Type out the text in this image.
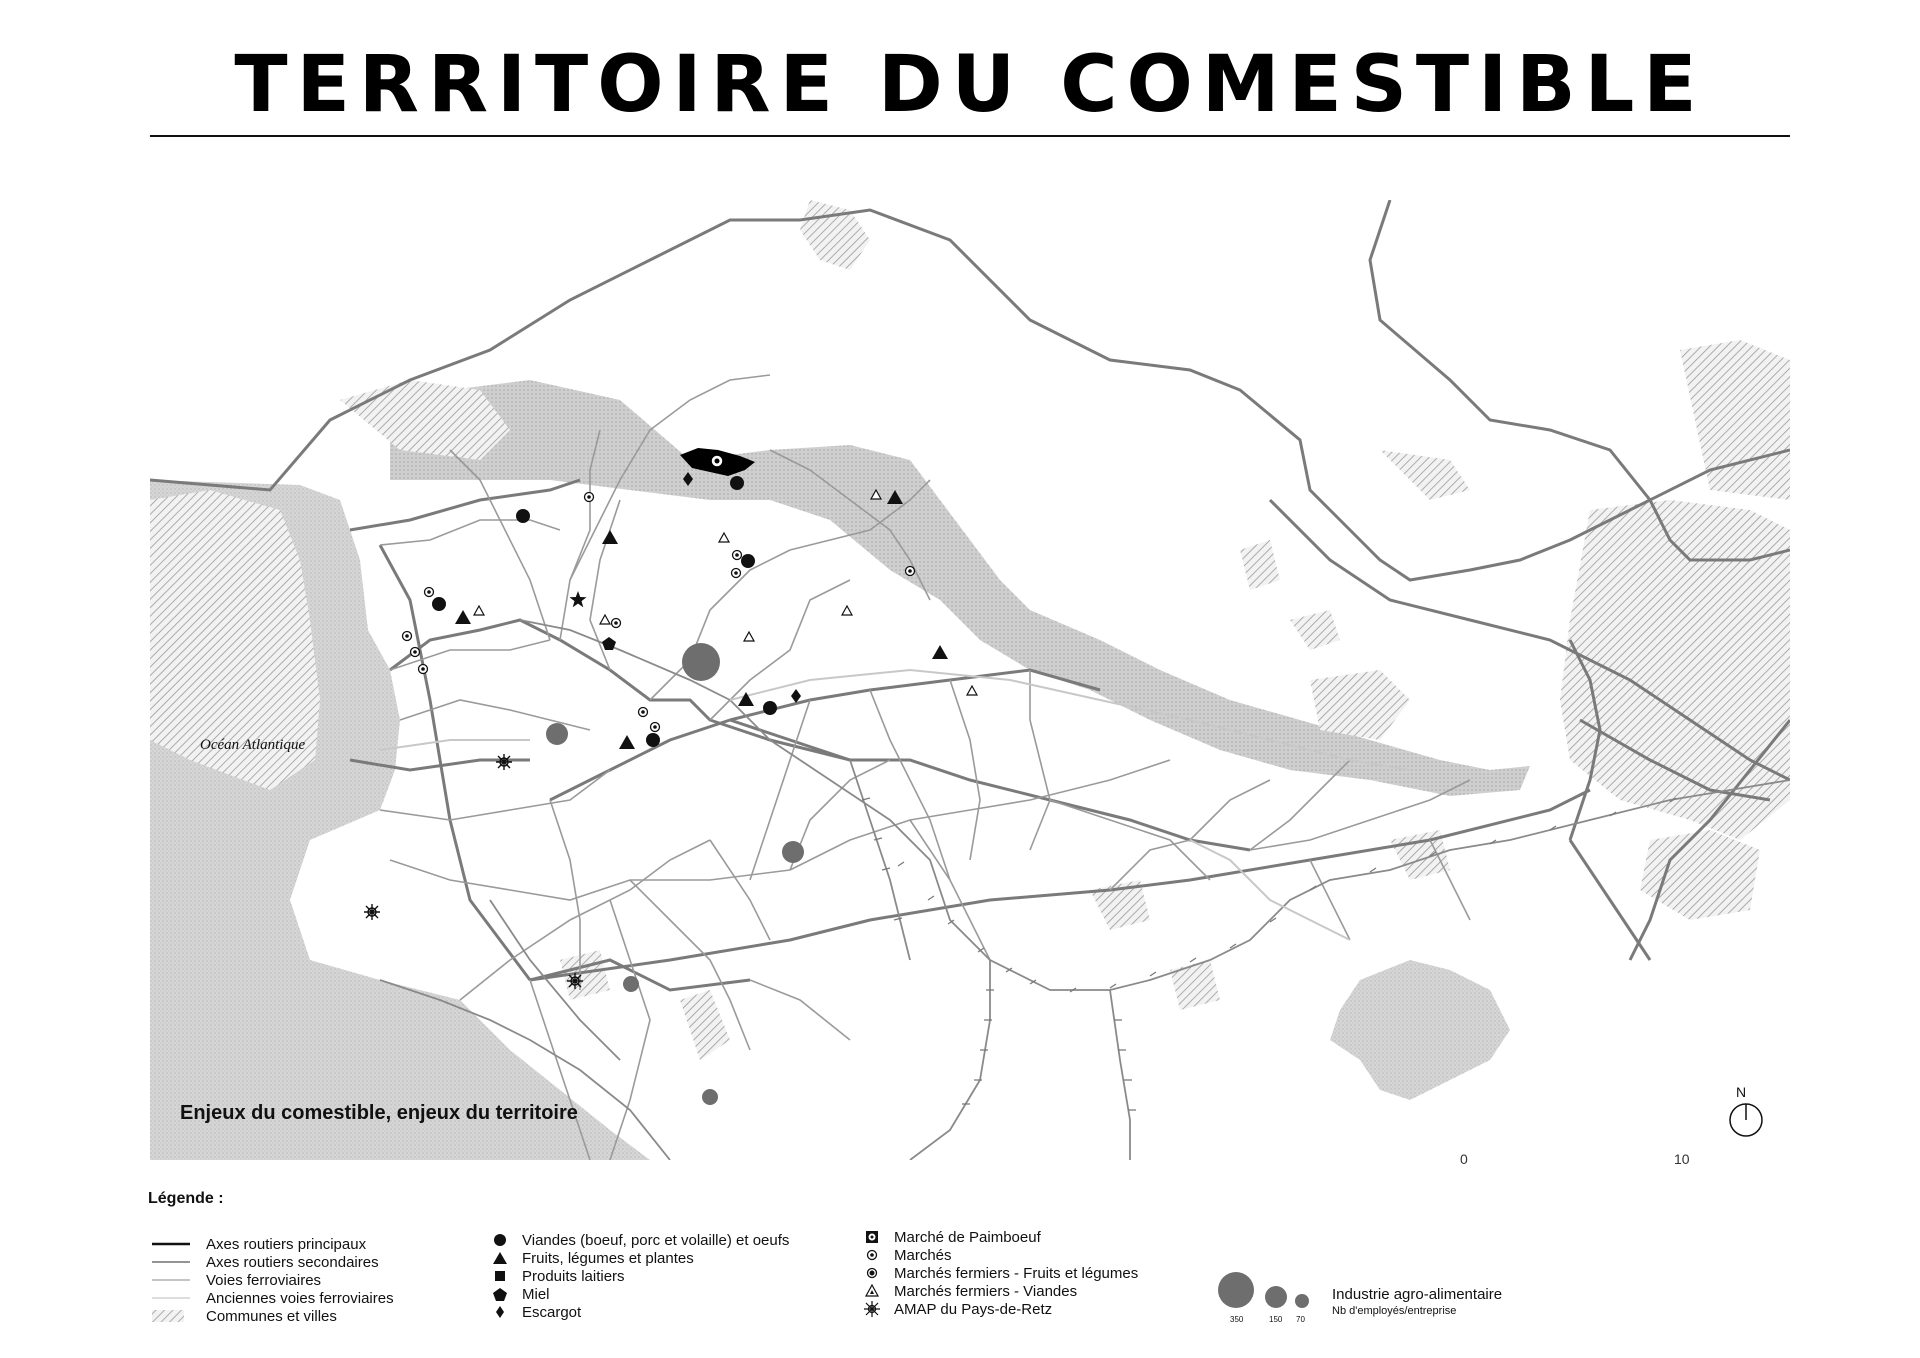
TERRITOIRE DU COMESTIBLE
Océan Atlantique
Enjeux du comestible, enjeux du territoire
N
0	10
Légende :
Axes routiers principaux
Axes routiers secondaires
Voies ferroviaires
Anciennes voies ferroviaires
Communes et villes
Viandes (boeuf, porc et volaille) et oeufs
Fruits, légumes et plantes
Produits laitiers
Miel
Escargot
Marché de Paimboeuf
Marchés
Marchés fermiers - Fruits et légumes
Marchés fermiers - Viandes
AMAP du Pays-de-Retz
350	150 70
Industrie agro-alimentaire
Nb d'employés/entreprise
